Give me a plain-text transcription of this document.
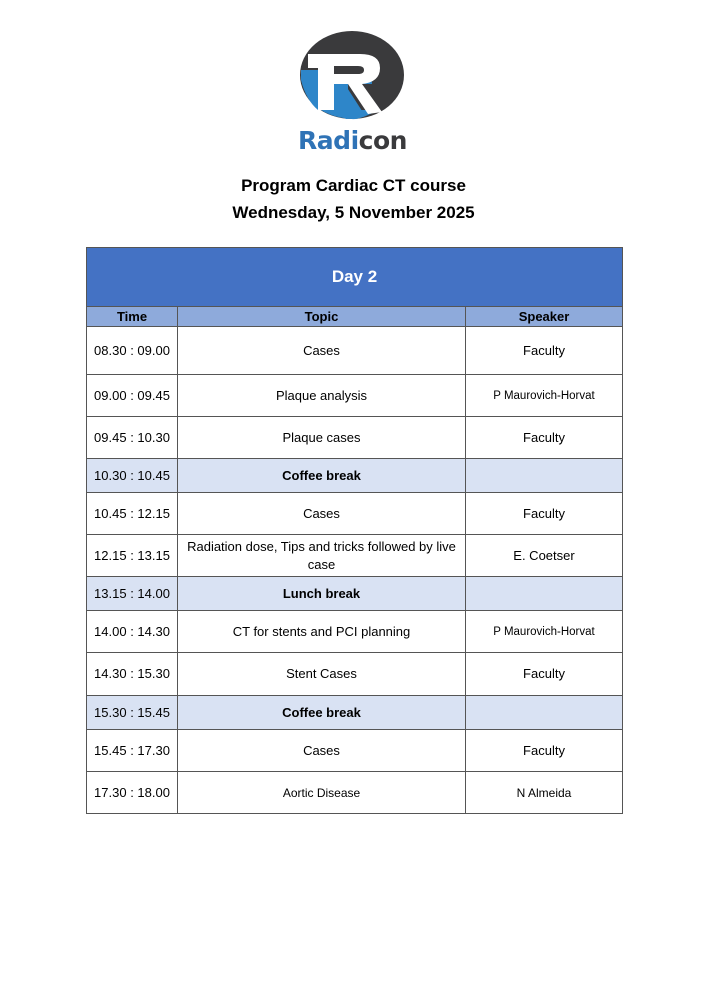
Radicon
Program Cardiac CT course
Wednesday, 5 November 2025
Day 2		
Time	Topic	Speaker
08.30 : 09.00	Cases	Faculty
09.00 : 09.45	Plaque analysis	P Maurovich-Horvat
09.45 : 10.30	Plaque cases	Faculty
10.30 : 10.45	Coffee break	
10.45 : 12.15	Cases	Faculty
12.15 : 13.15	Radiation dose, Tips and tricks followed by live case	E. Coetser
13.15 : 14.00	Lunch break	
14.00 : 14.30	CT for stents and PCI planning	P Maurovich-Horvat
14.30 : 15.30	Stent Cases	Faculty
15.30 : 15.45	Coffee break	
15.45 : 17.30	Cases	Faculty
17.30 : 18.00	Aortic Disease	N Almeida
